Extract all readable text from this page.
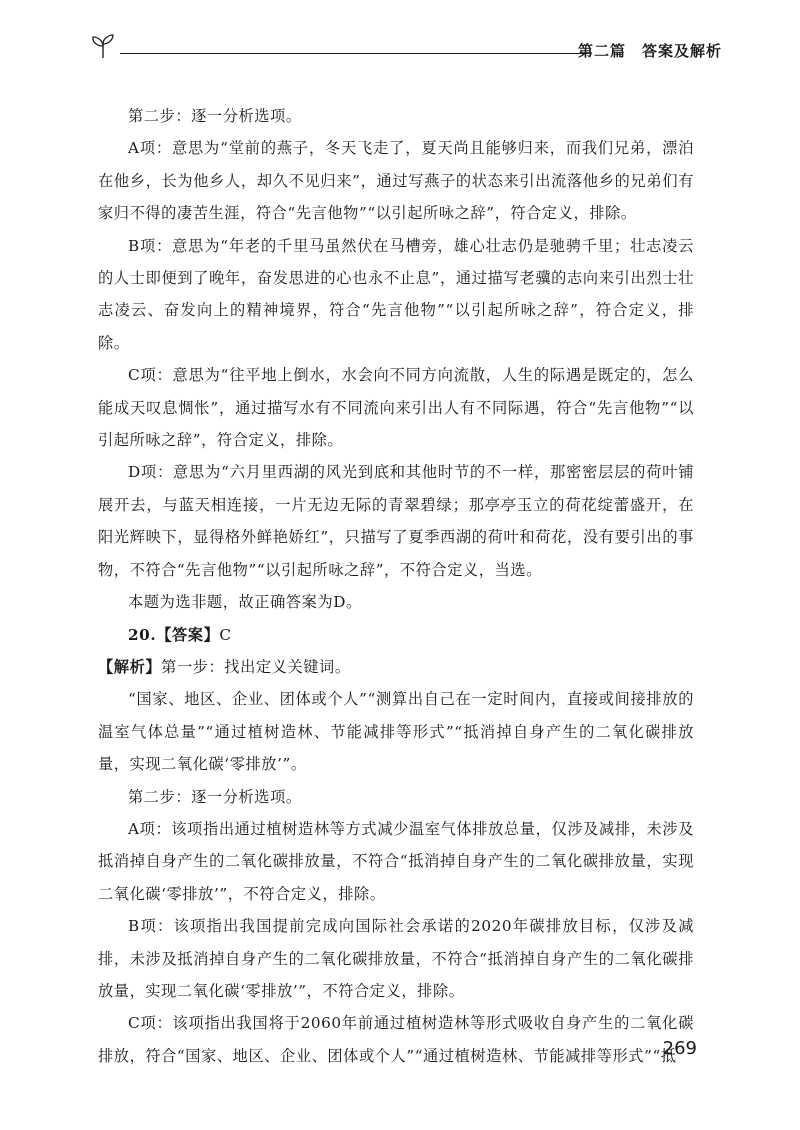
第二篇　答案及解析

第二步：逐一分析选项。

A项：意思为“堂前的燕子，冬天飞走了，夏天尚且能够归来，而我们兄弟，漂泊在他乡，长为他乡人，却久不见归来”，通过写燕子的状态来引出流落他乡的兄弟们有家归不得的凄苦生涯，符合“先言他物”“以引起所咏之辞”，符合定义，排除。

B项：意思为“年老的千里马虽然伏在马槽旁，雄心壮志仍是驰骋千里；壮志凌云的人士即便到了晚年，奋发思进的心也永不止息”，通过描写老骥的志向来引出烈士壮志凌云、奋发向上的精神境界，符合“先言他物”“以引起所咏之辞”，符合定义，排除。

C项：意思为“往平地上倒水，水会向不同方向流散，人生的际遇是既定的，怎么能成天叹息惆怅”，通过描写水有不同流向来引出人有不同际遇，符合“先言他物”“以引起所咏之辞”，符合定义，排除。

D项：意思为“六月里西湖的风光到底和其他时节的不一样，那密密层层的荷叶铺展开去，与蓝天相连接，一片无边无际的青翠碧绿；那亭亭玉立的荷花绽蕾盛开，在阳光辉映下，显得格外鲜艳娇红”，只描写了夏季西湖的荷叶和荷花，没有要引出的事物，不符合“先言他物”“以引起所咏之辞”，不符合定义，当选。

本题为选非题，故正确答案为D。

20.【答案】C

【解析】第一步：找出定义关键词。

“国家、地区、企业、团体或个人”“测算出自己在一定时间内，直接或间接排放的温室气体总量”“通过植树造林、节能减排等形式”“抵消掉自身产生的二氧化碳排放量，实现二氧化碳‘零排放’”。

第二步：逐一分析选项。

A项：该项指出通过植树造林等方式减少温室气体排放总量，仅涉及减排，未涉及抵消掉自身产生的二氧化碳排放量，不符合“抵消掉自身产生的二氧化碳排放量，实现二氧化碳‘零排放’”，不符合定义，排除。

B项：该项指出我国提前完成向国际社会承诺的2020年碳排放目标，仅涉及减排，未涉及抵消掉自身产生的二氧化碳排放量，不符合“抵消掉自身产生的二氧化碳排放量，实现二氧化碳‘零排放’”，不符合定义，排除。

C项：该项指出我国将于2060年前通过植树造林等形式吸收自身产生的二氧化碳排放，符合“国家、地区、企业、团体或个人”“通过植树造林、节能减排等形式”“抵

269
